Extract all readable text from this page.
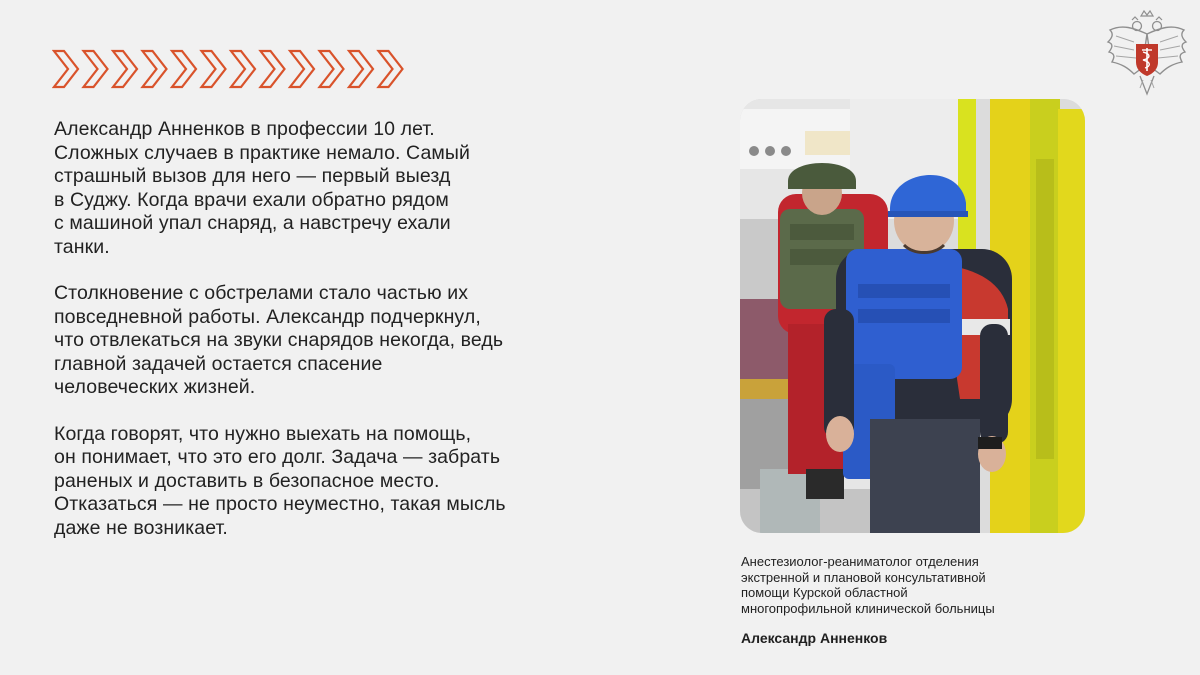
Александр Анненков в профессии 10 лет.
Сложных случаев в практике немало. Самый
страшный вызов для него — первый выезд
в Суджу. Когда врачи ехали обратно рядом
с машиной упал снаряд, а навстречу ехали
танки.

Столкновение с обстрелами стало частью их
повседневной работы. Александр подчеркнул,
что отвлекаться на звуки снарядов некогда, ведь
главной задачей остается спасение
человеческих жизней.

Когда говорят, что нужно выехать на помощь,
он понимает, что это его долг. Задача — забрать
раненых и доставить в безопасное место.
Отказаться — не просто неуместно, такая мысль
даже не возникает.

Анестезиолог-реаниматолог отделения
экстренной и плановой консультативной
помощи Курской областной
многопрофильной клинической больницы
Александр Анненков
